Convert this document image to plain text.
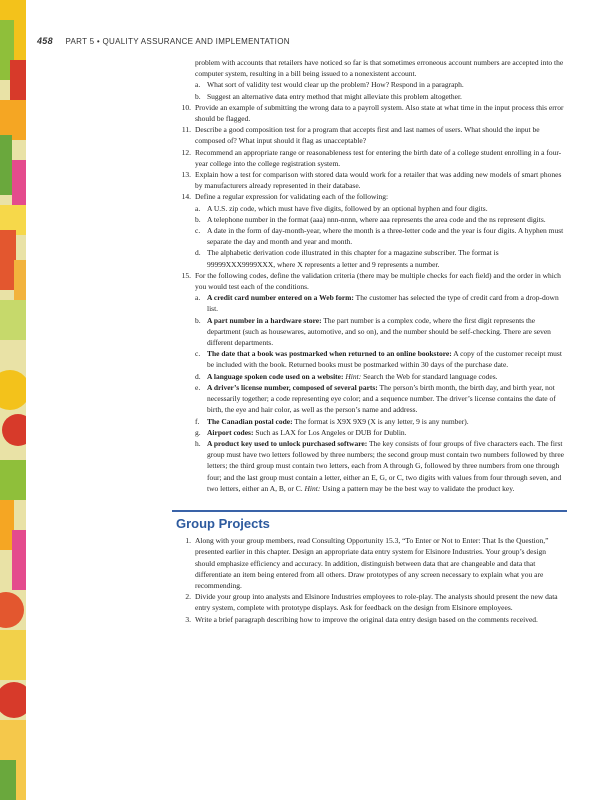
458 PART 5 • QUALITY ASSURANCE AND IMPLEMENTATION

problem with accounts that retailers have noticed so far is that sometimes erroneous account numbers are accepted into the computer system, resulting in a bill being issued to a nonexistent account.

a. What sort of validity test would clear up the problem? How? Respond in a paragraph.
b. Suggest an alternative data entry method that might alleviate this problem altogether.
10. Provide an example of submitting the wrong data to a payroll system. Also state at what time in the input process this error should be flagged.
11. Describe a good composition test for a program that accepts first and last names of users. What should the input be composed of? What input should it flag as unacceptable?
12. Recommend an appropriate range or reasonableness test for entering the birth date of a college student enrolling in a four-year college into the college registration system.
13. Explain how a test for comparison with stored data would work for a retailer that was adding new models of smart phones by manufacturers already represented in their database.
14. Define a regular expression for validating each of the following:
a. A U.S. zip code, which must have five digits, followed by an optional hyphen and four digits.
b. A telephone number in the format (aaa) nnn-nnnn, where aaa represents the area code and the ns represent digits.
c. A date in the form of day-month-year, where the month is a three-letter code and the year is four digits. A hyphen must separate the day and month and year and month.
d. The alphabetic derivation code illustrated in this chapter for a magazine subscriber. The format is 99999XXX9999XXX, where X represents a letter and 9 represents a number.
15. For the following codes, define the validation criteria (there may be multiple checks for each field) and the order in which you would test each of the conditions.
a. A credit card number entered on a Web form: The customer has selected the type of credit card from a drop-down list.
b. A part number in a hardware store: The part number is a complex code, where the first digit represents the department (such as housewares, automotive, and so on), and the number should be self-checking. There are seven different departments.
c. The date that a book was postmarked when returned to an online bookstore: A copy of the customer receipt must be included with the book. Returned books must be postmarked within 30 days of the purchase date.
d. A language spoken code used on a website: Hint: Search the Web for standard language codes.
e. A driver’s license number, composed of several parts: The person’s birth month, the birth day, and birth year, not necessarily together; a code representing eye color; and a sequence number. The driver’s license contains the date of birth, the eye and hair color, as well as the person’s name and address.
f. The Canadian postal code: The format is X9X 9X9 (X is any letter, 9 is any number).
g. Airport codes: Such as LAX for Los Angeles or DUB for Dublin.
h. A product key used to unlock purchased software: The key consists of four groups of five characters each. The first group must have two letters followed by three numbers; the second group must contain two numbers followed by three letters; the third group must contain two letters, each from A through G, followed by three numbers from one through four; and the last group must contain a letter, either an E, G, or C, two digits with values from four through seven, and two letters, either an A, B, or C. Hint: Using a pattern may be the best way to validate the product key.
Group Projects
1. Along with your group members, read Consulting Opportunity 15.3, “To Enter or Not to Enter: That Is the Question,” presented earlier in this chapter. Design an appropriate data entry system for Elsinore Industries. Your group’s design should emphasize efficiency and accuracy. In addition, distinguish between data that are changeable and data that differentiate an item being entered from all others. Draw prototypes of any screen necessary to explain what you are recommending.
2. Divide your group into analysts and Elsinore Industries employees to role-play. The analysts should present the new data entry system, complete with prototype displays. Ask for feedback on the design from Elsinore employees.
3. Write a brief paragraph describing how to improve the original data entry design based on the comments received.
